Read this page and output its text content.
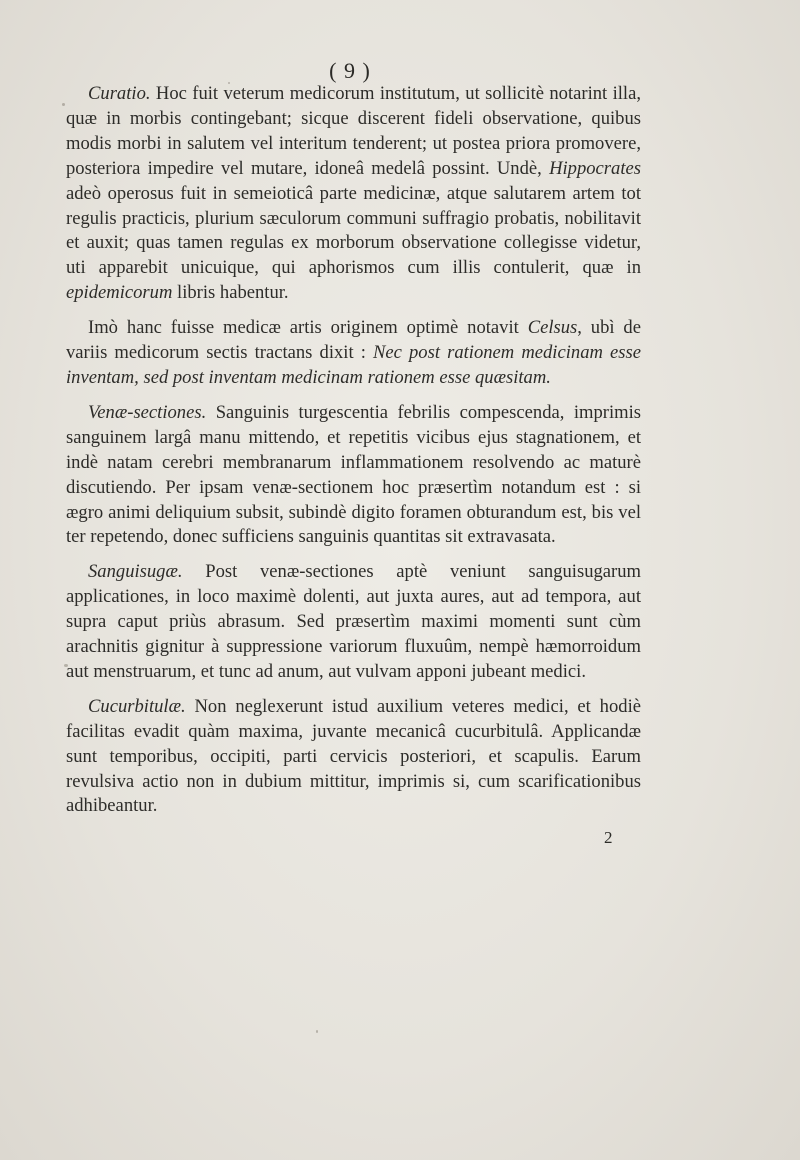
( 9 )

Curatio. Hoc fuit veterum medicorum institutum, ut sollicitè notarint illa, quæ in morbis contingebant; sicque discerent fideli observatione, quibus modis morbi in salutem vel interitum tenderent; ut postea priora promovere, posteriora impedire vel mutare, idoneâ medelâ possint. Undè, Hippocrates adeò operosus fuit in semeioticâ parte medicinæ, atque salutarem artem tot regulis practicis, plurium sæculorum communi suffragio probatis, nobilitavit et auxit; quas tamen regulas ex morborum observatione collegisse videtur, uti apparebit unicuique, qui aphorismos cum illis contulerit, quæ in epidemicorum libris habentur.

Imò hanc fuisse medicæ artis originem optimè notavit Celsus, ubì de variis medicorum sectis tractans dixit : Nec post rationem medicinam esse inventam, sed post inventam medicinam rationem esse quæsitam.

Venæ-sectiones. Sanguinis turgescentia febrilis compescenda, imprimis sanguinem largâ manu mittendo, et repetitis vicibus ejus stagnationem, et indè natam cerebri membranarum inflammationem resolvendo ac maturè discutiendo. Per ipsam venæ-sectionem hoc præsertìm notandum est : si ægro animi deliquium subsit, subindè digito foramen obturandum est, bis vel ter repetendo, donec sufficiens sanguinis quantitas sit extravasata.

Sanguisugæ. Post venæ-sectiones aptè veniunt sanguisugarum applicationes, in loco maximè dolenti, aut juxta aures, aut ad tempora, aut supra caput priùs abrasum. Sed præsertìm maximi momenti sunt cùm arachnitis gignitur à suppressione variorum fluxuûm, nempè hæmorroidum aut menstruarum, et tunc ad anum, aut vulvam apponi jubeant medici.

Cucurbitulæ. Non neglexerunt istud auxilium veteres medici, et hodiè facilitas evadit quàm maxima, juvante mecanicâ cucurbitulâ. Applicandæ sunt temporibus, occipiti, parti cervicis posteriori, et scapulis. Earum revulsiva actio non in dubium mittitur, imprimis si, cum scarificationibus adhibeantur.

2
